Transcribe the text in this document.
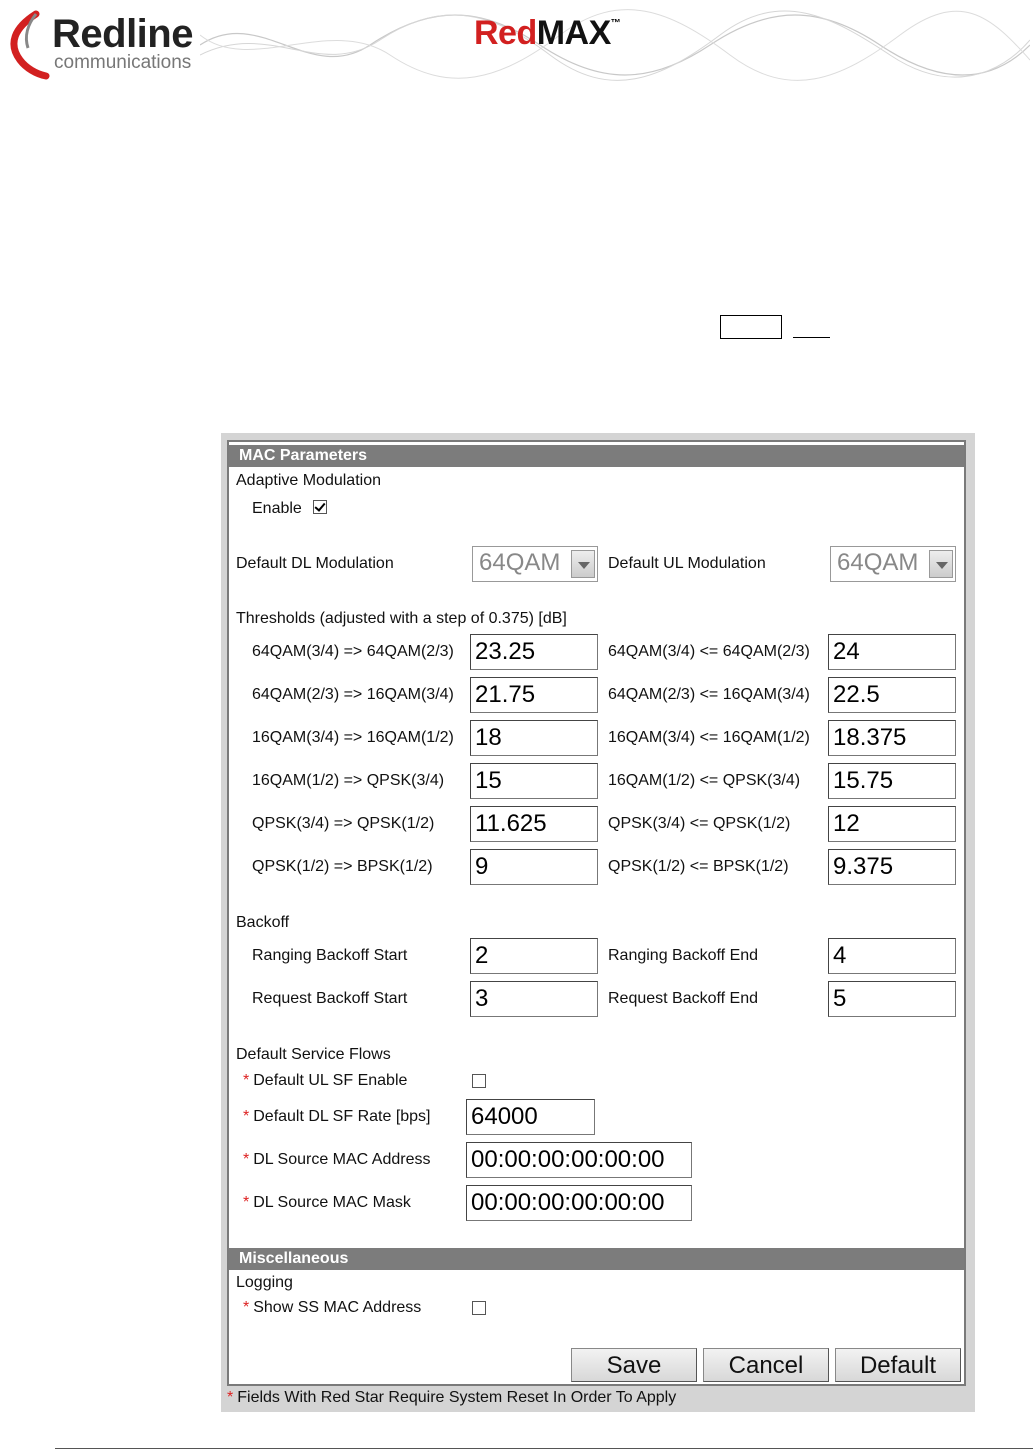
Redline
communications
RedMAX™
MAC Parameters
Adaptive Modulation
Enable
Default DL Modulation	64QAM	Default UL Modulation	64QAM
Thresholds (adjusted with a step of 0.375) [dB]
64QAM(3/4) => 64QAM(2/3) 23.25	64QAM(3/4) <= 64QAM(2/3) 24
64QAM(2/3) => 16QAM(3/4) 21.75	64QAM(2/3) <= 16QAM(3/4) 22.5
16QAM(3/4) => 16QAM(1/2) 18	16QAM(3/4) <= 16QAM(1/2) 18.375
16QAM(1/2) => QPSK(3/4) 15	16QAM(1/2) <= QPSK(3/4) 15.75
QPSK(3/4) => QPSK(1/2) 11.625	QPSK(3/4) <= QPSK(1/2) 12
QPSK(1/2) => BPSK(1/2) 9	QPSK(1/2) <= BPSK(1/2) 9.375
Backoff
Ranging Backoff Start	2	Ranging Backoff End	4
Request Backoff Start	3	Request Backoff End	5
Default Service Flows
* Default UL SF Enable
* Default DL SF Rate [bps] 64000
* DL Source MAC Address 00:00:00:00:00:00
* DL Source MAC Mask	00:00:00:00:00:00
Miscellaneous
Logging
* Show SS MAC Address
Save	Cancel	Default
* Fields With Red Star Require System Reset In Order To Apply
